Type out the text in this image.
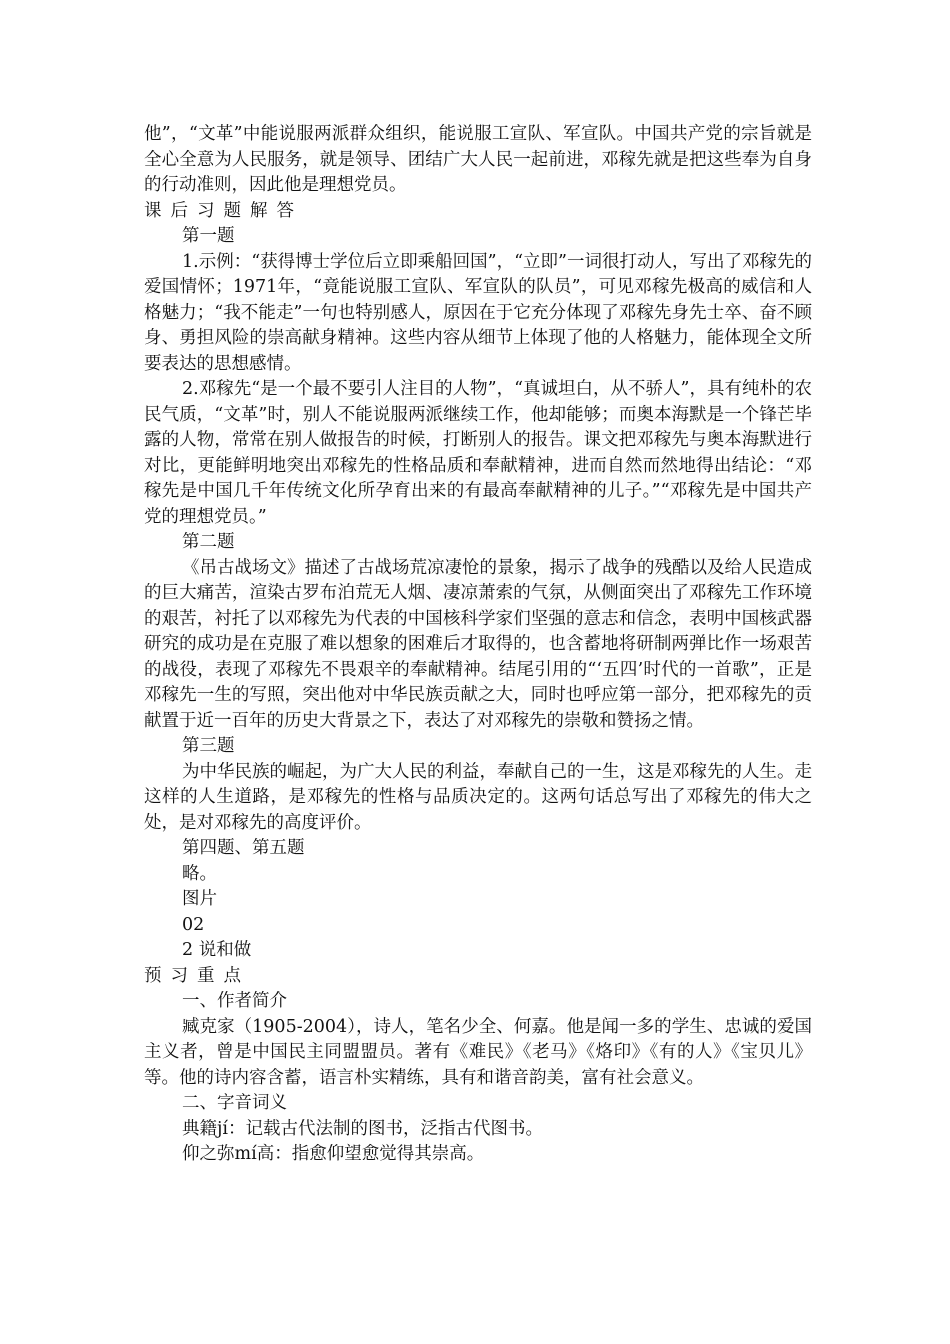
他”，“文革”中能说服两派群众组织，能说服工宣队、军宣队。中国共产党的宗旨就是全心全意为人民服务，就是领导、团结广大人民一起前进，邓稼先就是把这些奉为自身的行动准则，因此他是理想党员。

课后习题解答

第一题

1.示例：“获得博士学位后立即乘船回国”，“立即”一词很打动人，写出了邓稼先的爱国情怀；1971年，“竟能说服工宣队、军宣队的队员”，可见邓稼先极高的威信和人格魅力；“我不能走”一句也特别感人，原因在于它充分体现了邓稼先身先士卒、奋不顾身、勇担风险的崇高献身精神。这些内容从细节上体现了他的人格魅力，能体现全文所要表达的思想感情。

2.邓稼先“是一个最不要引人注目的人物”，“真诚坦白，从不骄人”，具有纯朴的农民气质，“文革”时，别人不能说服两派继续工作，他却能够；而奥本海默是一个锋芒毕露的人物，常常在别人做报告的时候，打断别人的报告。课文把邓稼先与奥本海默进行对比，更能鲜明地突出邓稼先的性格品质和奉献精神，进而自然而然地得出结论：“邓稼先是中国几千年传统文化所孕育出来的有最高奉献精神的儿子。”“邓稼先是中国共产党的理想党员。”

第二题

《吊古战场文》描述了古战场荒凉凄怆的景象，揭示了战争的残酷以及给人民造成的巨大痛苦，渲染古罗布泊荒无人烟、凄凉萧索的气氛，从侧面突出了邓稼先工作环境的艰苦，衬托了以邓稼先为代表的中国核科学家们坚强的意志和信念，表明中国核武器研究的成功是在克服了难以想象的困难后才取得的，也含蓄地将研制两弹比作一场艰苦的战役，表现了邓稼先不畏艰辛的奉献精神。结尾引用的“‘五四’时代的一首歌”，正是邓稼先一生的写照，突出他对中华民族贡献之大，同时也呼应第一部分，把邓稼先的贡献置于近一百年的历史大背景之下，表达了对邓稼先的崇敬和赞扬之情。

第三题

为中华民族的崛起，为广大人民的利益，奉献自己的一生，这是邓稼先的人生。走这样的人生道路，是邓稼先的性格与品质决定的。这两句话总写出了邓稼先的伟大之处，是对邓稼先的高度评价。

第四题、第五题

略。

图片

02

2 说和做

预习重点

一、作者简介

臧克家（1905-2004），诗人，笔名少全、何嘉。他是闻一多的学生、忠诚的爱国主义者，曾是中国民主同盟盟员。著有《难民》《老马》《烙印》《有的人》《宝贝儿》等。他的诗内容含蓄，语言朴实精练，具有和谐音韵美，富有社会意义。

二、字音词义

典籍jí：记载古代法制的图书，泛指古代图书。

仰之弥mí高：指愈仰望愈觉得其崇高。
